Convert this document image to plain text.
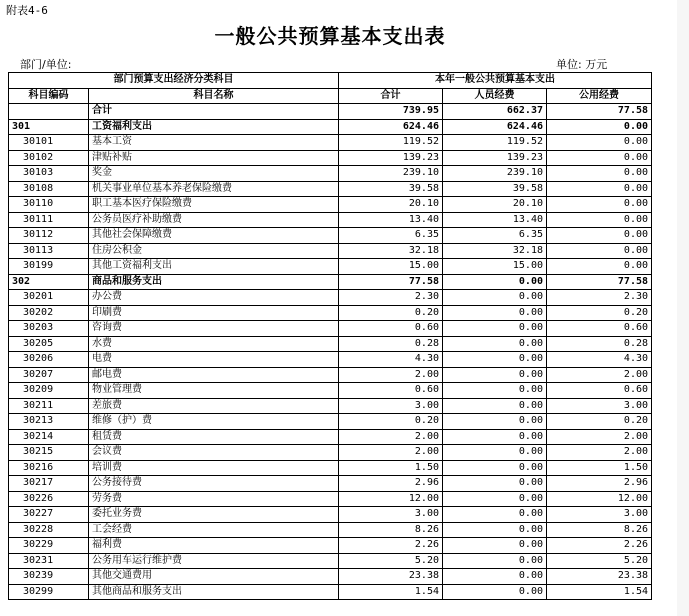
附表4-6
一般公共预算基本支出表
部门/单位:	单位: 万元
部门预算支出经济分类科目		本年一般公共预算基本支出		
科目编码	科目名称	合计	人员经费	公用经费
	合计	739.95	662.37	77.58
301	工资福利支出	624.46	624.46	0.00
30101	基本工资	119.52	119.52	0.00
30102	津贴补贴	139.23	139.23	0.00
30103	奖金	239.10	239.10	0.00
30108	机关事业单位基本养老保险缴费	39.58	39.58	0.00
30110	职工基本医疗保险缴费	20.10	20.10	0.00
30111	公务员医疗补助缴费	13.40	13.40	0.00
30112	其他社会保障缴费	6.35	6.35	0.00
30113	住房公积金	32.18	32.18	0.00
30199	其他工资福利支出	15.00	15.00	0.00
302	商品和服务支出	77.58	0.00	77.58
30201	办公费	2.30	0.00	2.30
30202	印刷费	0.20	0.00	0.20
30203	咨询费	0.60	0.00	0.60
30205	水费	0.28	0.00	0.28
30206	电费	4.30	0.00	4.30
30207	邮电费	2.00	0.00	2.00
30209	物业管理费	0.60	0.00	0.60
30211	差旅费	3.00	0.00	3.00
30213	维修（护）费	0.20	0.00	0.20
30214	租赁费	2.00	0.00	2.00
30215	会议费	2.00	0.00	2.00
30216	培训费	1.50	0.00	1.50
30217	公务接待费	2.96	0.00	2.96
30226	劳务费	12.00	0.00	12.00
30227	委托业务费	3.00	0.00	3.00
30228	工会经费	8.26	0.00	8.26
30229	福利费	2.26	0.00	2.26
30231	公务用车运行维护费	5.20	0.00	5.20
30239	其他交通费用	23.38	0.00	23.38
30299	其他商品和服务支出	1.54	0.00	1.54
